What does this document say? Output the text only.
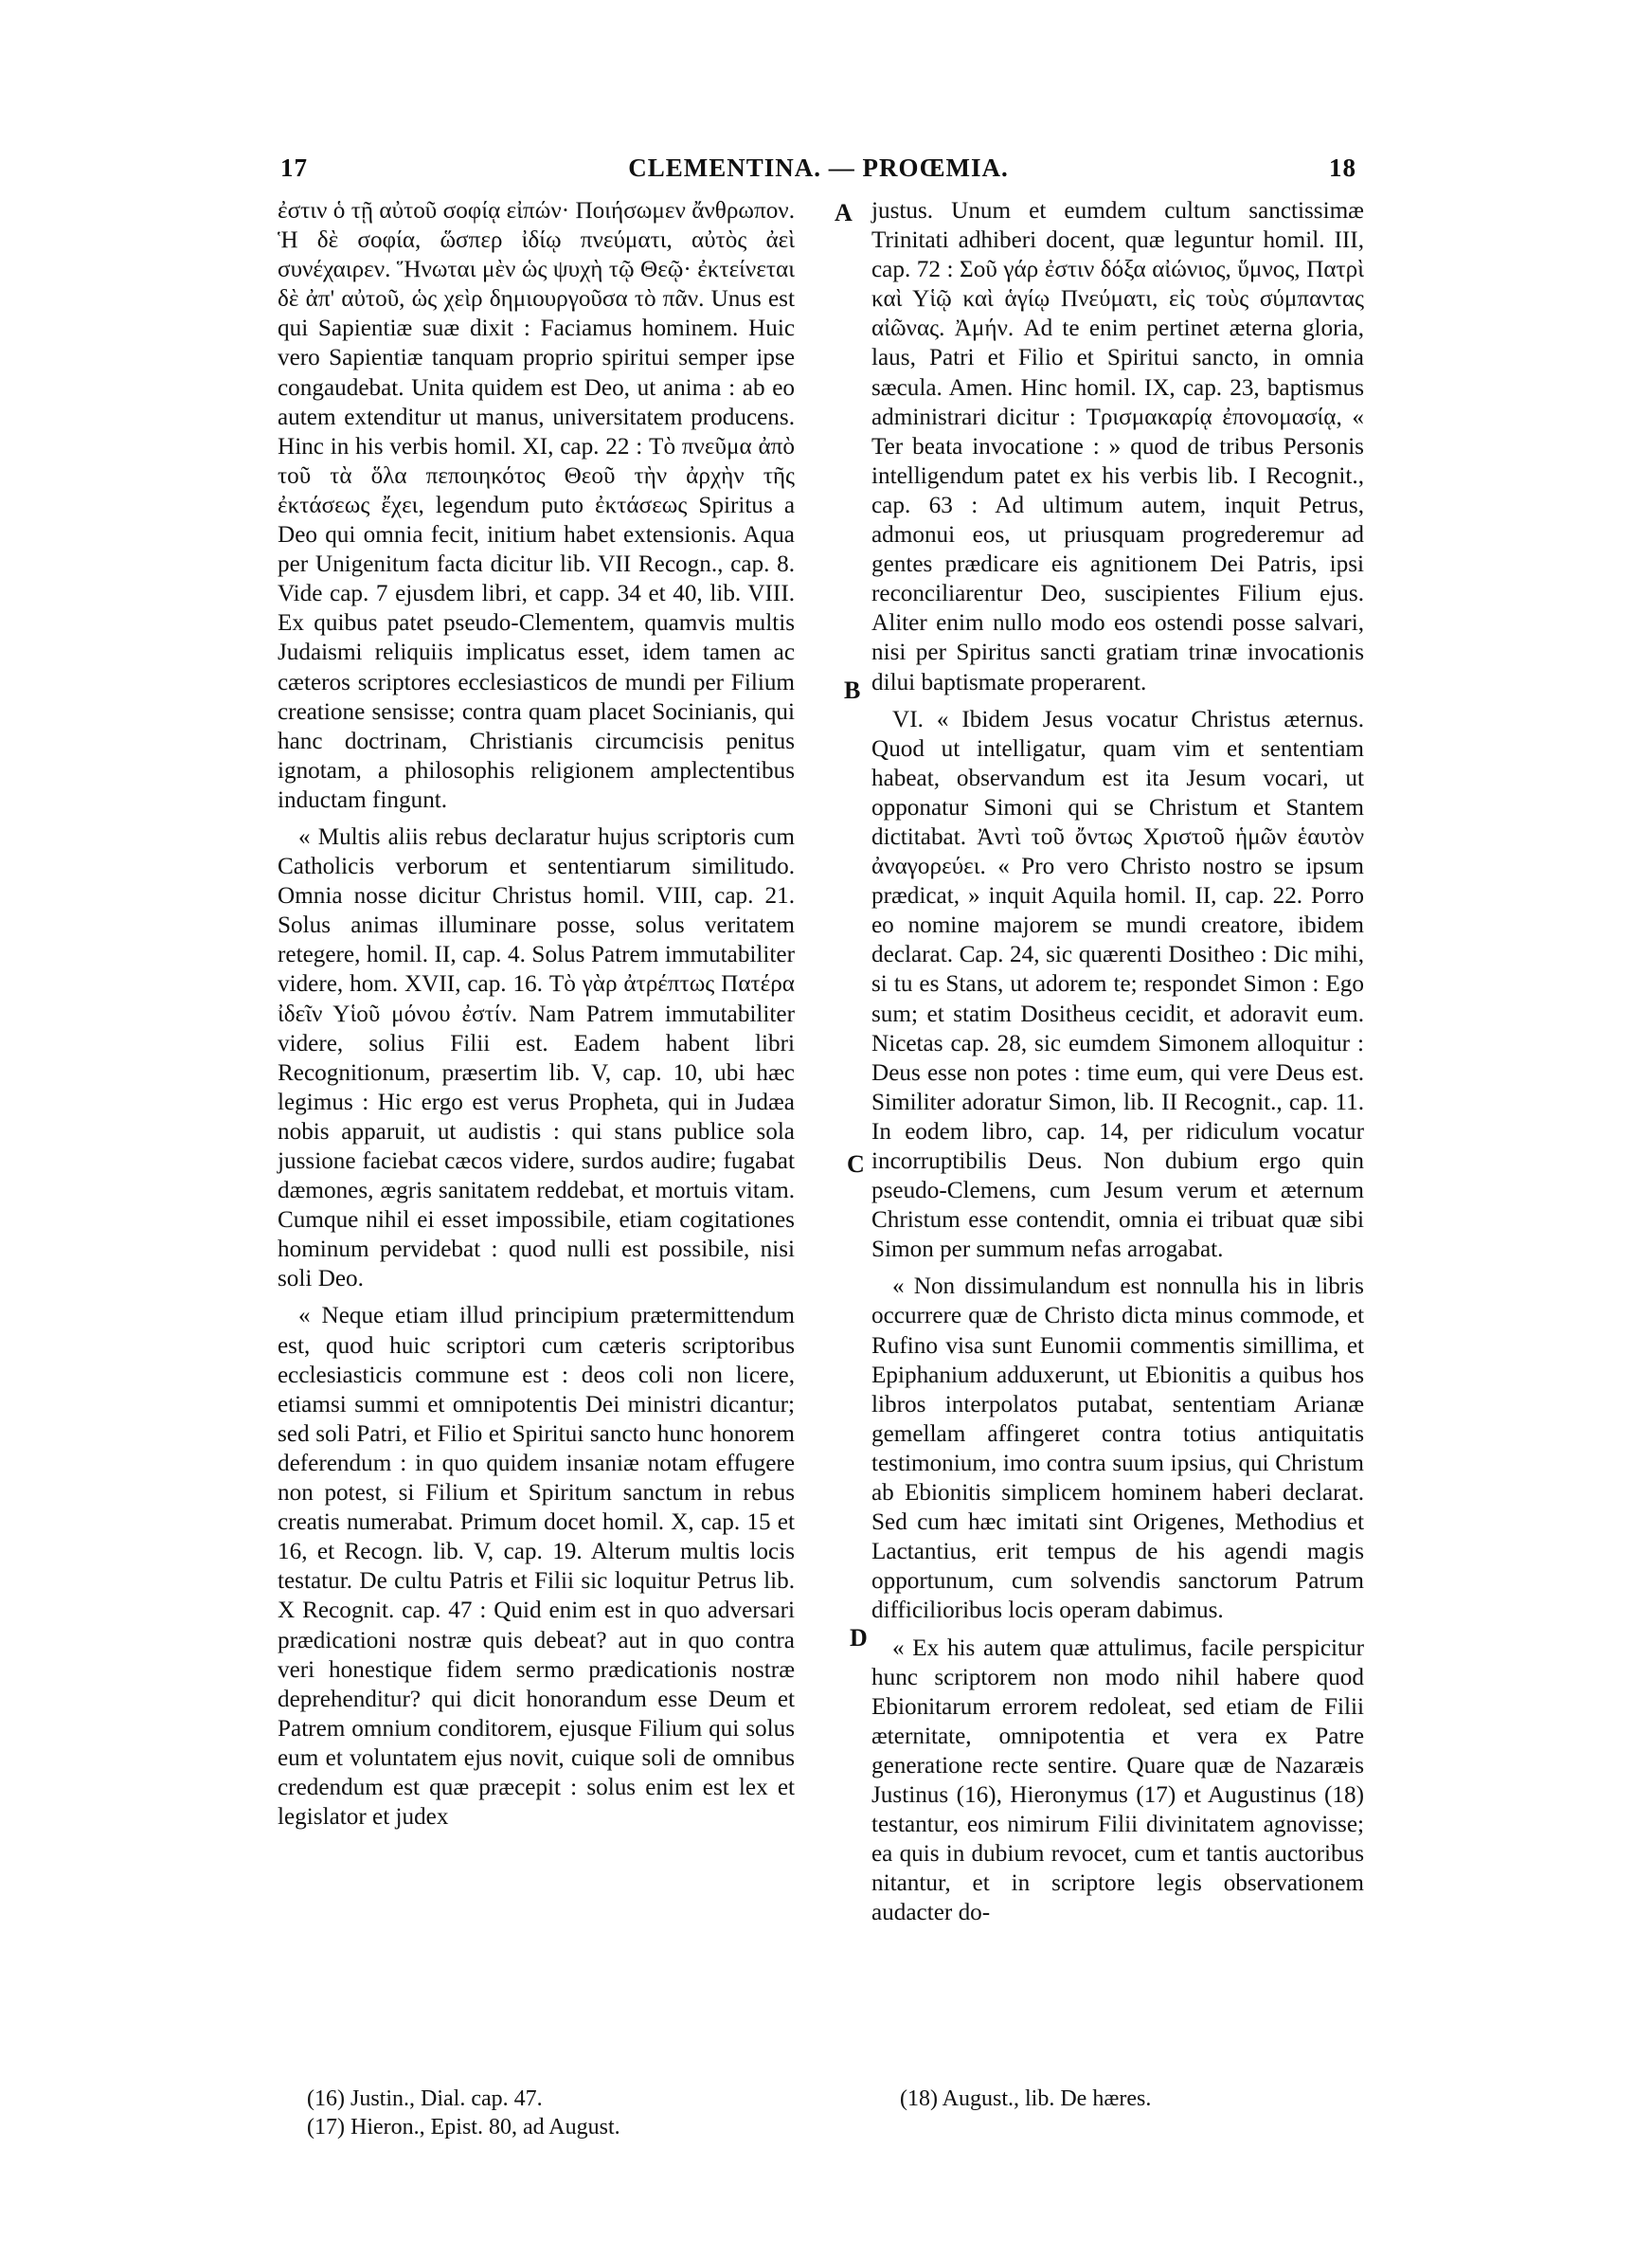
17	CLEMENTINA. — PROŒMIA.	18

ἐστιν ὁ τῇ αὐτοῦ σοφίᾳ εἰπών· Ποιήσωμεν ἄνθρωπον. Ἡ δὲ σοφία, ὥσπερ ἰδίῳ πνεύματι, αὐτὸς ἀεὶ συνέχαιρεν. Ἥνωται μὲν ὡς ψυχὴ τῷ Θεῷ· ἐκτείνεται δὲ ἀπ' αὐτοῦ, ὡς χεὶρ δημιουργοῦσα τὸ πᾶν. Unus est qui Sapientiæ suæ dixit : Faciamus hominem. Huic vero Sapientiæ tanquam proprio spiritui semper ipse congaudebat. Unita quidem est Deo, ut anima : ab eo autem extenditur ut manus, universitatem producens. Hinc in his verbis homil. XI, cap. 22 : Τὸ πνεῦμα ἀπὸ τοῦ τὰ ὅλα πεποιηκότος Θεοῦ τὴν ἀρχὴν τῆς ἐκτάσεως ἔχει, legendum puto ἐκτάσεως Spiritus a Deo qui omnia fecit, initium habet extensionis. Aqua per Unigenitum facta dicitur lib. VII Recogn., cap. 8. Vide cap. 7 ejusdem libri, et capp. 34 et 40, lib. VIII. Ex quibus patet pseudo-Clementem, quamvis multis Judaismi reliquiis implicatus esset, idem tamen ac cæteros scriptores ecclesiasticos de mundi per Filium creatione sensisse; contra quam placet Socinianis, qui hanc doctrinam, Christianis circumcisis penitus ignotam, a philosophis religionem amplectentibus inductam fingunt.

« Multis aliis rebus declaratur hujus scriptoris cum Catholicis verborum et sententiarum similitudo. Omnia nosse dicitur Christus homil. VIII, cap. 21. Solus animas illuminare posse, solus veritatem retegere, homil. II, cap. 4. Solus Patrem immutabiliter videre, hom. XVII, cap. 16. Τὸ γὰρ ἀτρέπτως Πατέρα ἰδεῖν Υἱοῦ μόνου ἐστίν. Nam Patrem immutabiliter videre, solius Filii est. Eadem habent libri Recognitionum, præsertim lib. V, cap. 10, ubi hæc legimus : Hic ergo est verus Propheta, qui in Judæa nobis apparuit, ut audistis : qui stans publice sola jussione faciebat cæcos videre, surdos audire; fugabat dæmones, ægris sanitatem reddebat, et mortuis vitam. Cumque nihil ei esset impossibile, etiam cogitationes hominum pervidebat : quod nulli est possibile, nisi soli Deo.

« Neque etiam illud principium prætermittendum est, quod huic scriptori cum cæteris scriptoribus ecclesiasticis commune est : deos coli non licere, etiamsi summi et omnipotentis Dei ministri dicantur; sed soli Patri, et Filio et Spiritui sancto hunc honorem deferendum : in quo quidem insaniæ notam effugere non potest, si Filium et Spiritum sanctum in rebus creatis numerabat. Primum docet homil. X, cap. 15 et 16, et Recogn. lib. V, cap. 19. Alterum multis locis testatur. De cultu Patris et Filii sic loquitur Petrus lib. X Recognit. cap. 47 : Quid enim est in quo adversari prædicationi nostræ quis debeat? aut in quo contra veri honestique fidem sermo prædicationis nostræ deprehenditur? qui dicit honorandum esse Deum et Patrem omnium conditorem, ejusque Filium qui solus eum et voluntatem ejus novit, cuique soli de omnibus credendum est quæ præcepit : solus enim est lex et legislator et judex

A
B
C
D

justus. Unum et eumdem cultum sanctissimæ Trinitati adhiberi docent, quæ leguntur homil. III, cap. 72 : Σοῦ γάρ ἐστιν δόξα αἰώνιος, ὕμνος, Πατρὶ καὶ Υἱῷ καὶ ἁγίῳ Πνεύματι, εἰς τοὺς σύμπαντας αἰῶνας. Ἀμήν. Ad te enim pertinet æterna gloria, laus, Patri et Filio et Spiritui sancto, in omnia sæcula. Amen. Hinc homil. IX, cap. 23, baptismus administrari dicitur : Τρισμακαρίᾳ ἐπονομασίᾳ, « Ter beata invocatione : » quod de tribus Personis intelligendum patet ex his verbis lib. I Recognit., cap. 63 : Ad ultimum autem, inquit Petrus, admonui eos, ut priusquam progrederemur ad gentes prædicare eis agnitionem Dei Patris, ipsi reconciliarentur Deo, suscipientes Filium ejus. Aliter enim nullo modo eos ostendi posse salvari, nisi per Spiritus sancti gratiam trinæ invocationis dilui baptismate properarent.

VI. « Ibidem Jesus vocatur Christus æternus. Quod ut intelligatur, quam vim et sententiam habeat, observandum est ita Jesum vocari, ut opponatur Simoni qui se Christum et Stantem dictitabat. Ἀντὶ τοῦ ὄντως Χριστοῦ ἡμῶν ἑαυτὸν ἀναγορεύει. « Pro vero Christo nostro se ipsum prædicat, » inquit Aquila homil. II, cap. 22. Porro eo nomine majorem se mundi creatore, ibidem declarat. Cap. 24, sic quærenti Dositheo : Dic mihi, si tu es Stans, ut adorem te; respondet Simon : Ego sum; et statim Dositheus cecidit, et adoravit eum. Nicetas cap. 28, sic eumdem Simonem alloquitur : Deus esse non potes : time eum, qui vere Deus est. Similiter adoratur Simon, lib. II Recognit., cap. 11. In eodem libro, cap. 14, per ridiculum vocatur incorruptibilis Deus. Non dubium ergo quin pseudo-Clemens, cum Jesum verum et æternum Christum esse contendit, omnia ei tribuat quæ sibi Simon per summum nefas arrogabat.

« Non dissimulandum est nonnulla his in libris occurrere quæ de Christo dicta minus commode, et Rufino visa sunt Eunomii commentis simillima, et Epiphanium adduxerunt, ut Ebionitis a quibus hos libros interpolatos putabat, sententiam Arianæ gemellam affingeret contra totius antiquitatis testimonium, imo contra suum ipsius, qui Christum ab Ebionitis simplicem hominem haberi declarat. Sed cum hæc imitati sint Origenes, Methodius et Lactantius, erit tempus de his agendi magis opportunum, cum solvendis sanctorum Patrum difficilioribus locis operam dabimus.

« Ex his autem quæ attulimus, facile perspicitur hunc scriptorem non modo nihil habere quod Ebionitarum errorem redoleat, sed etiam de Filii æternitate, omnipotentia et vera ex Patre generatione recte sentire. Quare quæ de Nazaræis Justinus (16), Hieronymus (17) et Augustinus (18) testantur, eos nimirum Filii divinitatem agnovisse; ea quis in dubium revocet, cum et tantis auctoribus nitantur, et in scriptore legis observationem audacter do-

(16) Justin., Dial. cap. 47.
(17) Hieron., Epist. 80, ad August.
(18) August., lib. De hæres.
